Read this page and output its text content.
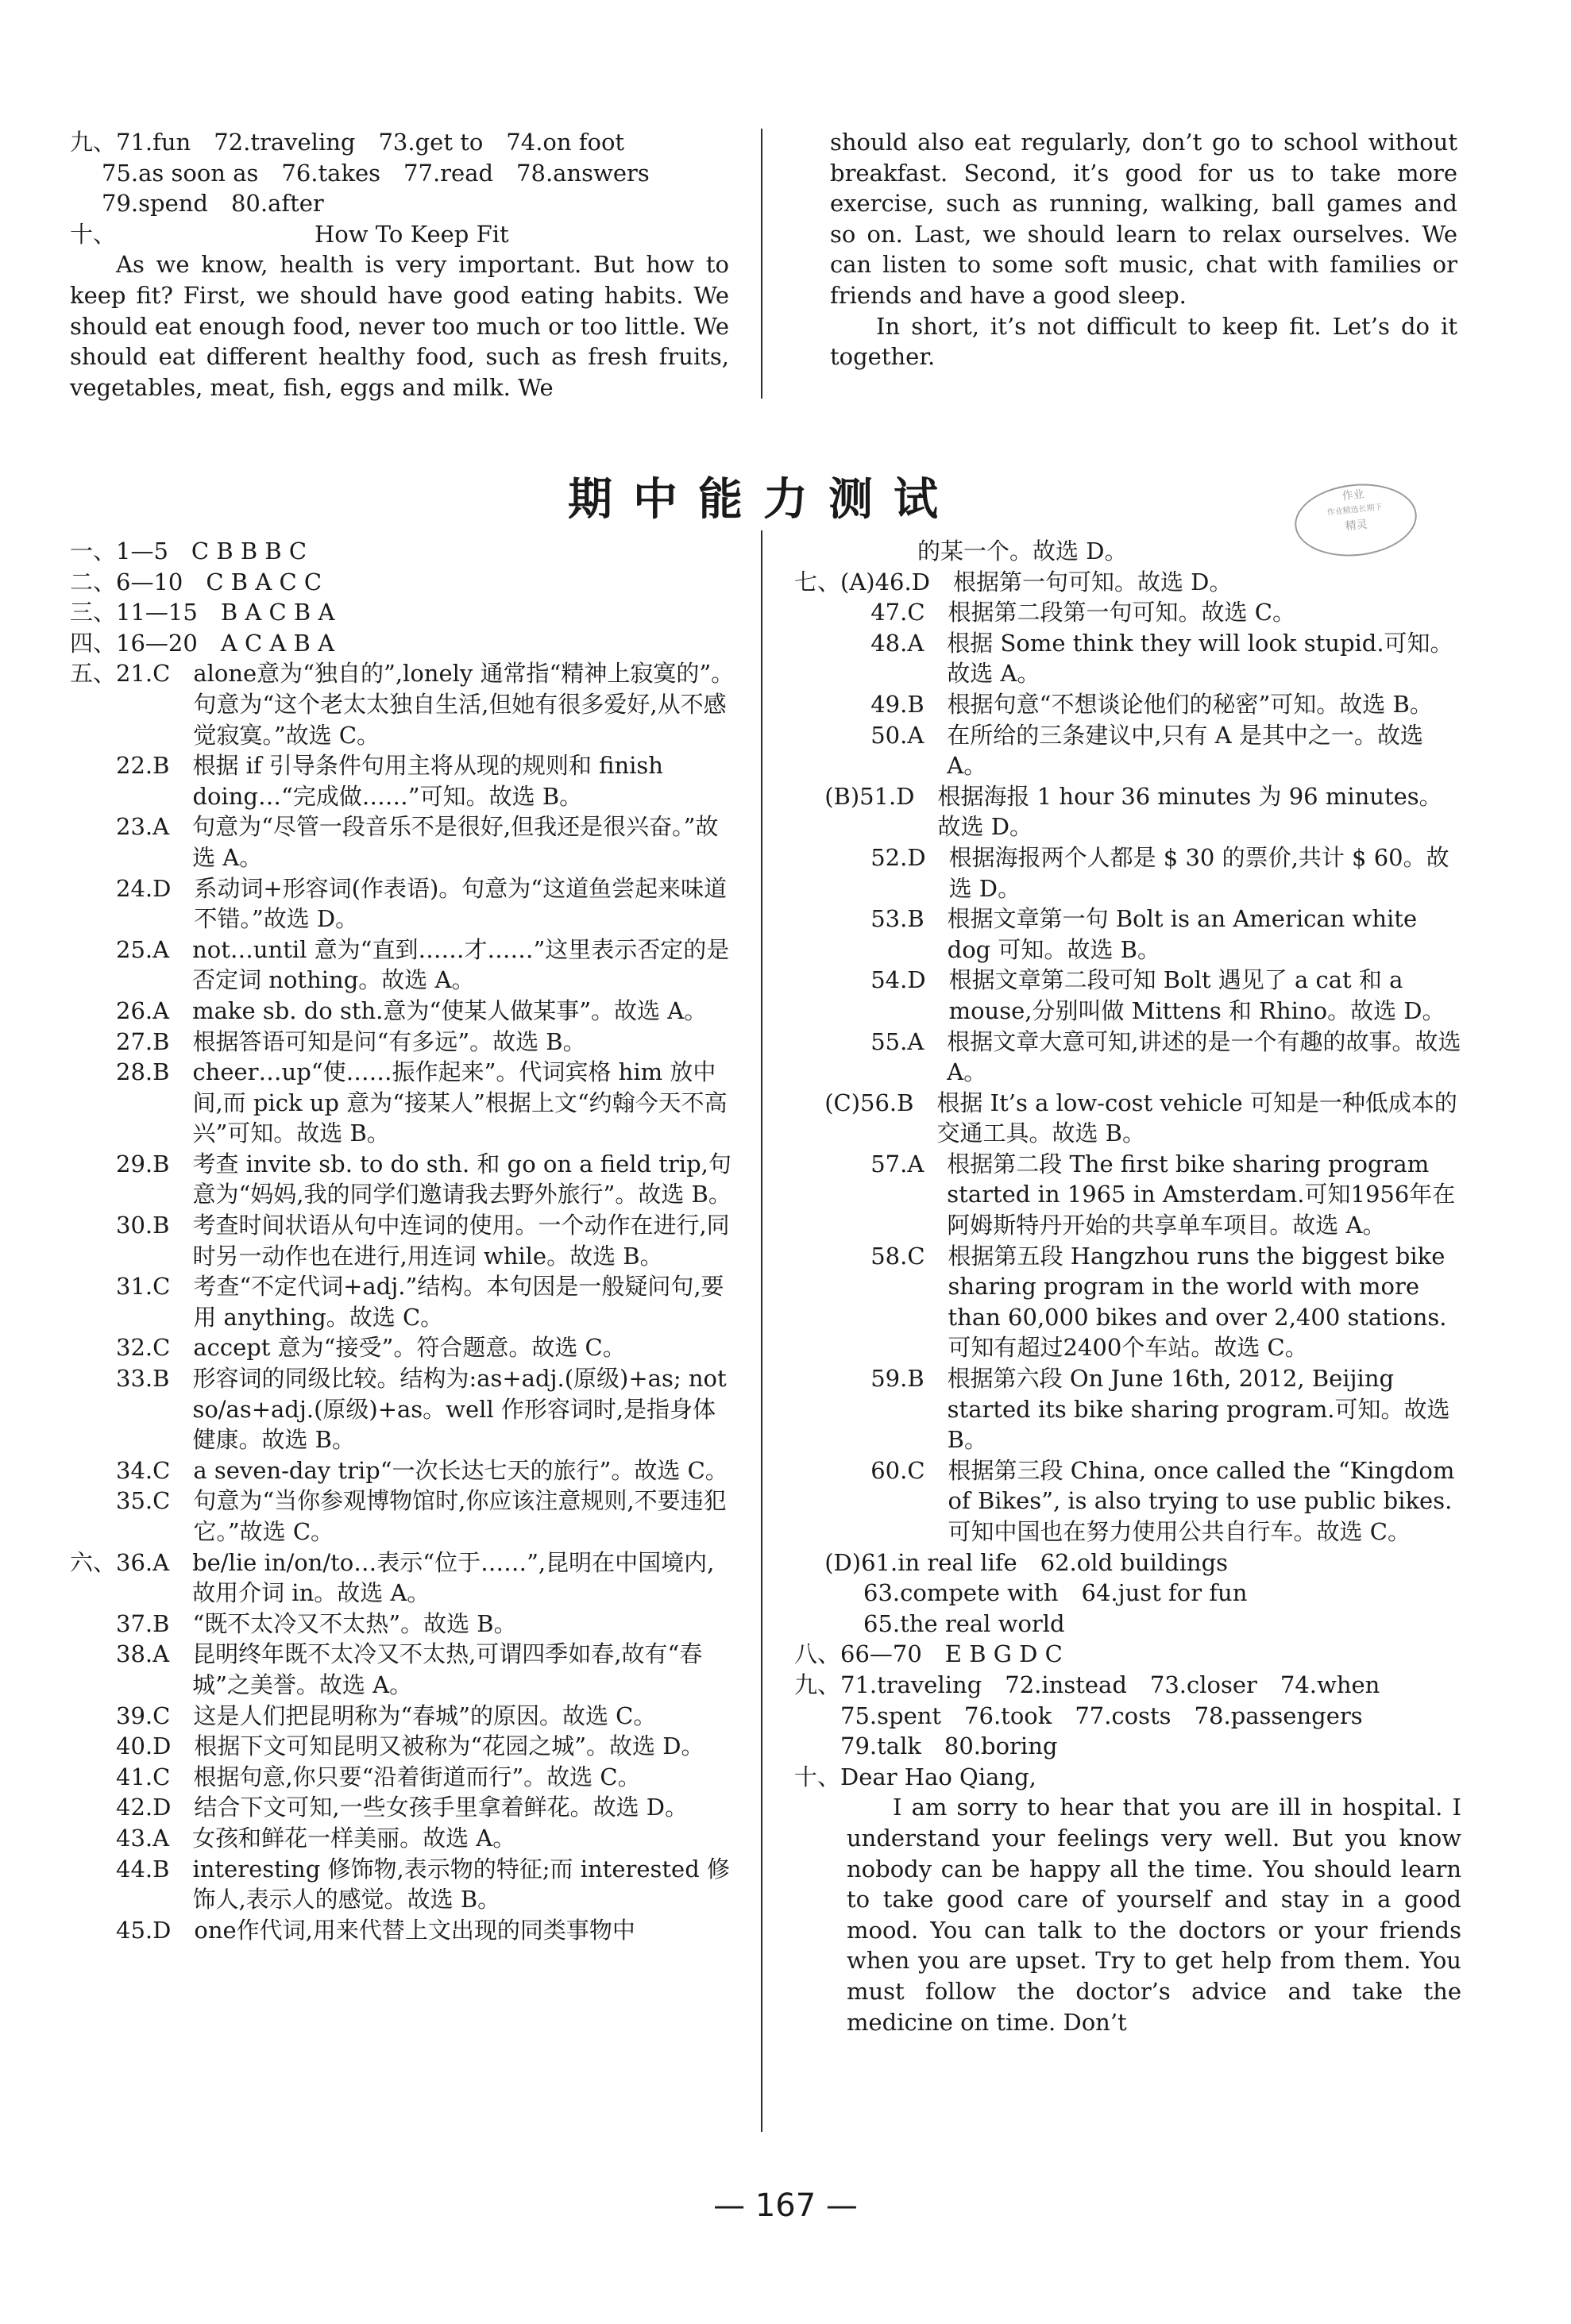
九、71.fun　72.traveling　73.get to　74.on foot
75.as soon as　76.takes　77.read　78.answers
79.spend　80.after
十、	How To Keep Fit
As we know, health is very important. But how to keep fit? First, we should have good eating habits. We should eat enough food, never too much or too little. We should eat different healthy food, such as fresh fruits, vegetables, meat, fish, eggs and milk. We
should also eat regularly, don’t go to school without breakfast. Second, it’s good for us to take more exercise, such as running, walking, ball games and so on. Last, we should learn to relax ourselves. We can listen to some soft music, chat with families or friends and have a good sleep.
In short, it’s not difficult to keep fit. Let’s do it together.
期中能力测试	作业
作业精选长期下
精灵
一、 1—5　C B B B C
二、 6—10　C B A C C
三、 11—15　B A C B A
四、 16—20　A C A B A
五、21.C　 alone意为“独自的”,lonely 通常指“精神上寂寞的”。句意为“这个老太太独自生活,但她有很多爱好,从不感觉寂寞。”故选 C。
　　22.B　 根据 if 引导条件句用主将从现的规则和 finish doing…“完成做……”可知。故选 B。
　　23.A　 句意为“尽管一段音乐不是很好,但我还是很兴奋。”故选 A。
　　24.D　 系动词+形容词(作表语)。句意为“这道鱼尝起来味道不错。”故选 D。
　　25.A　 not…until 意为“直到……才……”这里表示否定的是否定词 nothing。故选 A。
　　26.A　 make sb. do sth.意为“使某人做某事”。故选 A。
　　27.B　 根据答语可知是问“有多远”。故选 B。
　　28.B　 cheer…up“使……振作起来”。代词宾格 him 放中间,而 pick up 意为“接某人”根据上文“约翰今天不高兴”可知。故选 B。
　　29.B　 考查 invite sb. to do sth. 和 go on a field trip,句意为“妈妈,我的同学们邀请我去野外旅行”。故选 B。
　　30.B　 考查时间状语从句中连词的使用。一个动作在进行,同时另一动作也在进行,用连词 while。故选 B。
　　31.C　 考查“不定代词+adj.”结构。本句因是一般疑问句,要用 anything。故选 C。
　　32.C　 accept 意为“接受”。符合题意。故选 C。
　　33.B　 形容词的同级比较。结构为:as+adj.(原级)+as; not so/as+adj.(原级)+as。well 作形容词时,是指身体健康。故选 B。
　　34.C　 a seven-day trip“一次长达七天的旅行”。故选 C。
　　35.C　 句意为“当你参观博物馆时,你应该注意规则,不要违犯它。”故选 C。
六、36.A　 be/lie in/on/to…表示“位于……”,昆明在中国境内,故用介词 in。故选 A。
　　37.B　 “既不太冷又不太热”。故选 B。
　　38.A　 昆明终年既不太冷又不太热,可谓四季如春,故有“春城”之美誉。故选 A。
　　39.C　 这是人们把昆明称为“春城”的原因。故选 C。
　　40.D　 根据下文可知昆明又被称为“花园之城”。故选 D。
　　41.C　 根据句意,你只要“沿着街道而行”。故选 C。
　　42.D　 结合下文可知,一些女孩手里拿着鲜花。故选 D。
　　43.A　 女孩和鲜花一样美丽。故选 A。
　　44.B　 interesting 修饰物,表示物的特征;而 interested 修饰人,表示人的感觉。故选 B。
　　45.D　 one作代词,用来代替上文出现的同类事物中
的某一个。故选 D。
七、(A)46.D　 根据第一句可知。故选 D。
　　　 47.C　 根据第二段第一句可知。故选 C。
　　　 48.A　 根据 Some think they will look stupid.可知。故选 A。
　　　 49.B　 根据句意“不想谈论他们的秘密”可知。故选 B。
　　　 50.A　 在所给的三条建议中,只有 A 是其中之一。故选 A。
　 (B)51.D　 根据海报 1 hour 36 minutes 为 96 minutes。故选 D。
　　　 52.D　 根据海报两个人都是 $ 30 的票价,共计 $ 60。故选 D。
　　　 53.B　 根据文章第一句 Bolt is an American white dog 可知。故选 B。
　　　 54.D　 根据文章第二段可知 Bolt 遇见了 a cat 和 a mouse,分别叫做 Mittens 和 Rhino。故选 D。
　　　 55.A　 根据文章大意可知,讲述的是一个有趣的故事。故选 A。
　 (C)56.B　 根据 It’s a low-cost vehicle 可知是一种低成本的交通工具。故选 B。
　　　 57.A　 根据第二段 The first bike sharing program started in 1965 in Amsterdam.可知1956年在阿姆斯特丹开始的共享单车项目。故选 A。
　　　 58.C　 根据第五段 Hangzhou runs the biggest bike sharing program in the world with more than 60,000 bikes and over 2,400 stations. 可知有超过2400个车站。故选 C。
　　　 59.B　 根据第六段 On June 16th, 2012, Beijing started its bike sharing program.可知。故选 B。
　　　 60.C　 根据第三段 China, once called the “Kingdom of Bikes”, is also trying to use public bikes. 可知中国也在努力使用公共自行车。故选 C。
　 (D)61.in real life　62.old buildings
　　　63.compete with　64.just for fun
　　　65.the real world
八、66—70　E B G D C
九、71.traveling　72.instead　73.closer　74.when
　　75.spent　76.took　77.costs　78.passengers
　　79.talk　80.boring
十、Dear Hao Qiang,
I am sorry to hear that you are ill in hospital. I understand your feelings very well. But you know nobody can be happy all the time. You should learn to take good care of yourself and stay in a good mood. You can talk to the doctors or your friends when you are upset. Try to get help from them. You must follow the doctor’s advice and take the medicine on time. Don’t
— 167 —
